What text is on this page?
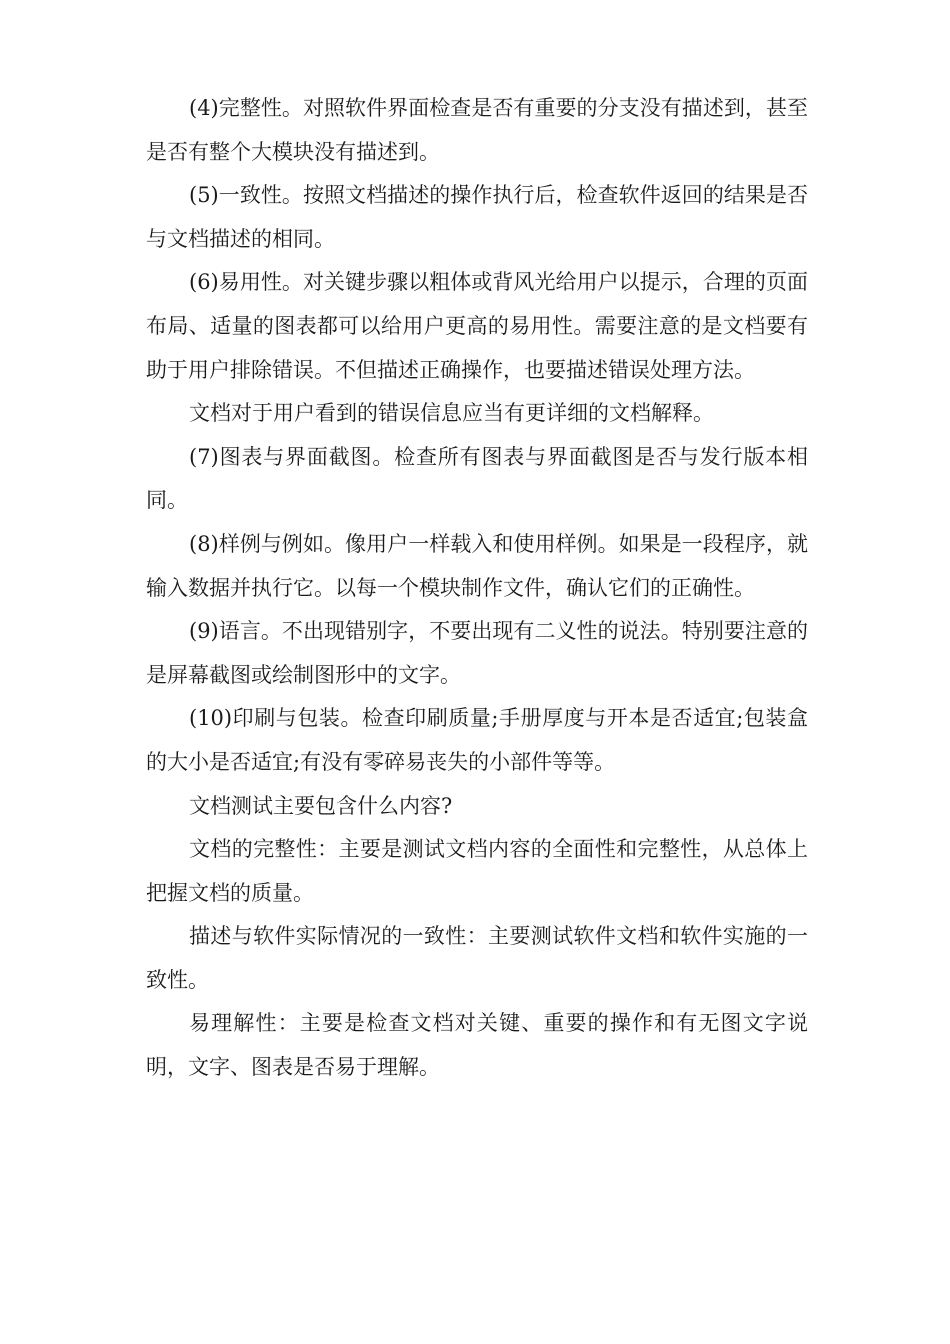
(4)完整性。对照软件界面检查是否有重要的分支没有描述到，甚至是否有整个大模块没有描述到。

(5)一致性。按照文档描述的操作执行后，检查软件返回的结果是否与文档描述的相同。

(6)易用性。对关键步骤以粗体或背风光给用户以提示，合理的页面布局、适量的图表都可以给用户更高的易用性。需要注意的是文档要有助于用户排除错误。不但描述正确操作，也要描述错误处理方法。

文档对于用户看到的错误信息应当有更详细的文档解释。

(7)图表与界面截图。检查所有图表与界面截图是否与发行版本相同。

(8)样例与例如。像用户一样载入和使用样例。如果是一段程序，就输入数据并执行它。以每一个模块制作文件，确认它们的正确性。

(9)语言。不出现错别字，不要出现有二义性的说法。特别要注意的是屏幕截图或绘制图形中的文字。

(10)印刷与包装。检查印刷质量;手册厚度与开本是否适宜;包装盒的大小是否适宜;有没有零碎易丧失的小部件等等。

文档测试主要包含什么内容?

文档的完整性：主要是测试文档内容的全面性和完整性，从总体上把握文档的质量。

描述与软件实际情况的一致性：主要测试软件文档和软件实施的一致性。

易理解性：主要是检查文档对关键、重要的操作和有无图文字说明，文字、图表是否易于理解。
